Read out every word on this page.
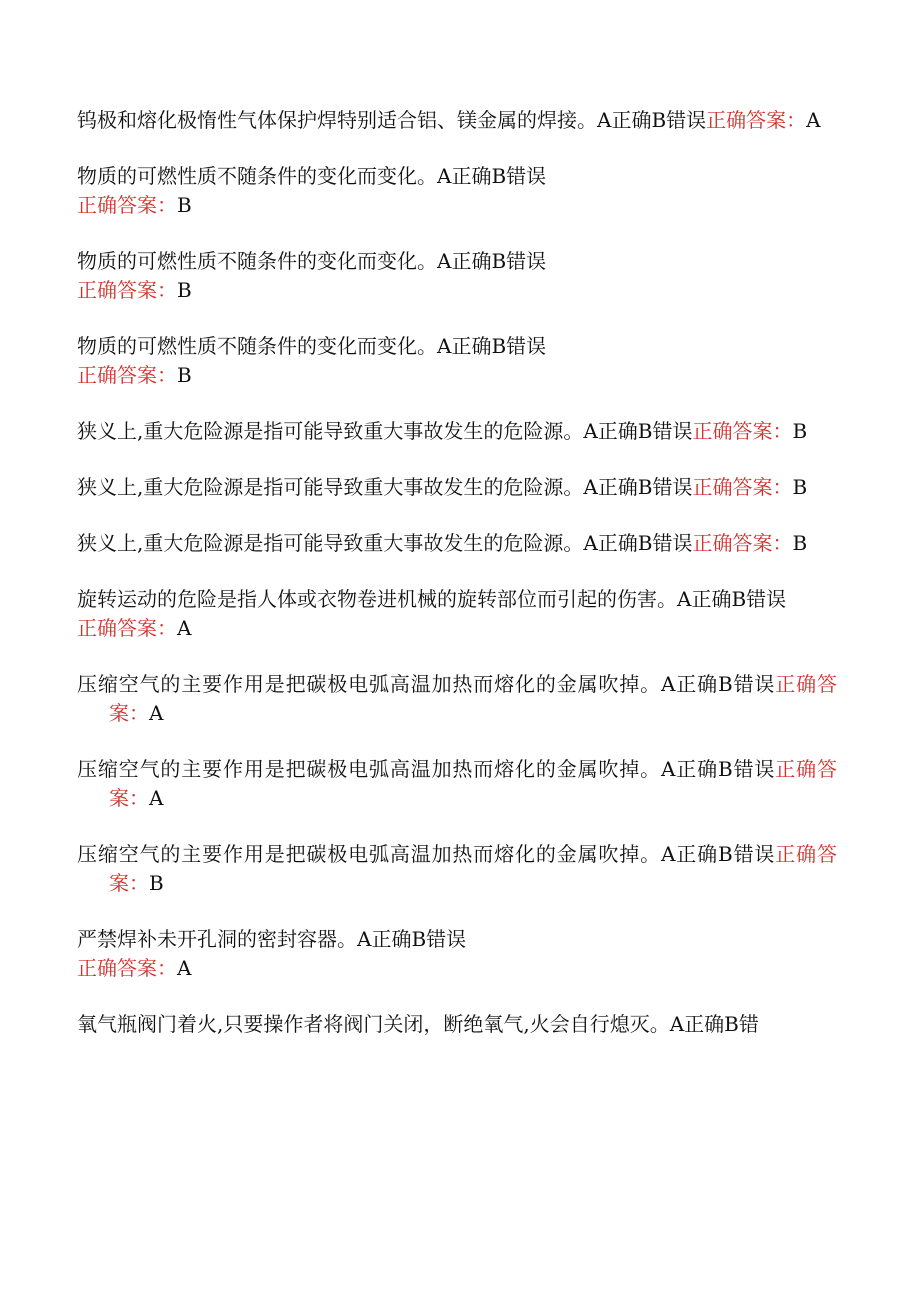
钨极和熔化极惰性气体保护焊特别适合铝、镁金属的焊接。A正确B错误正确答案：A
物质的可燃性质不随条件的变化而变化。A正确B错误
正确答案：B
物质的可燃性质不随条件的变化而变化。A正确B错误
正确答案：B
物质的可燃性质不随条件的变化而变化。A正确B错误
正确答案：B
狭义上,重大危险源是指可能导致重大事故发生的危险源。A正确B错误正确答案：B
狭义上,重大危险源是指可能导致重大事故发生的危险源。A正确B错误正确答案：B
狭义上,重大危险源是指可能导致重大事故发生的危险源。A正确B错误正确答案：B
旋转运动的危险是指人体或衣物卷进机械的旋转部位而引起的伤害。A正确B错误
正确答案：A
压缩空气的主要作用是把碳极电弧高温加热而熔化的金属吹掉。A正确B错误正确答案：A
压缩空气的主要作用是把碳极电弧高温加热而熔化的金属吹掉。A正确B错误正确答案：A
压缩空气的主要作用是把碳极电弧高温加热而熔化的金属吹掉。A正确B错误正确答案：B
严禁焊补未开孔洞的密封容器。A正确B错误
正确答案：A
氧气瓶阀门着火,只要操作者将阀门关闭，断绝氧气,火会自行熄灭。A正确B错
